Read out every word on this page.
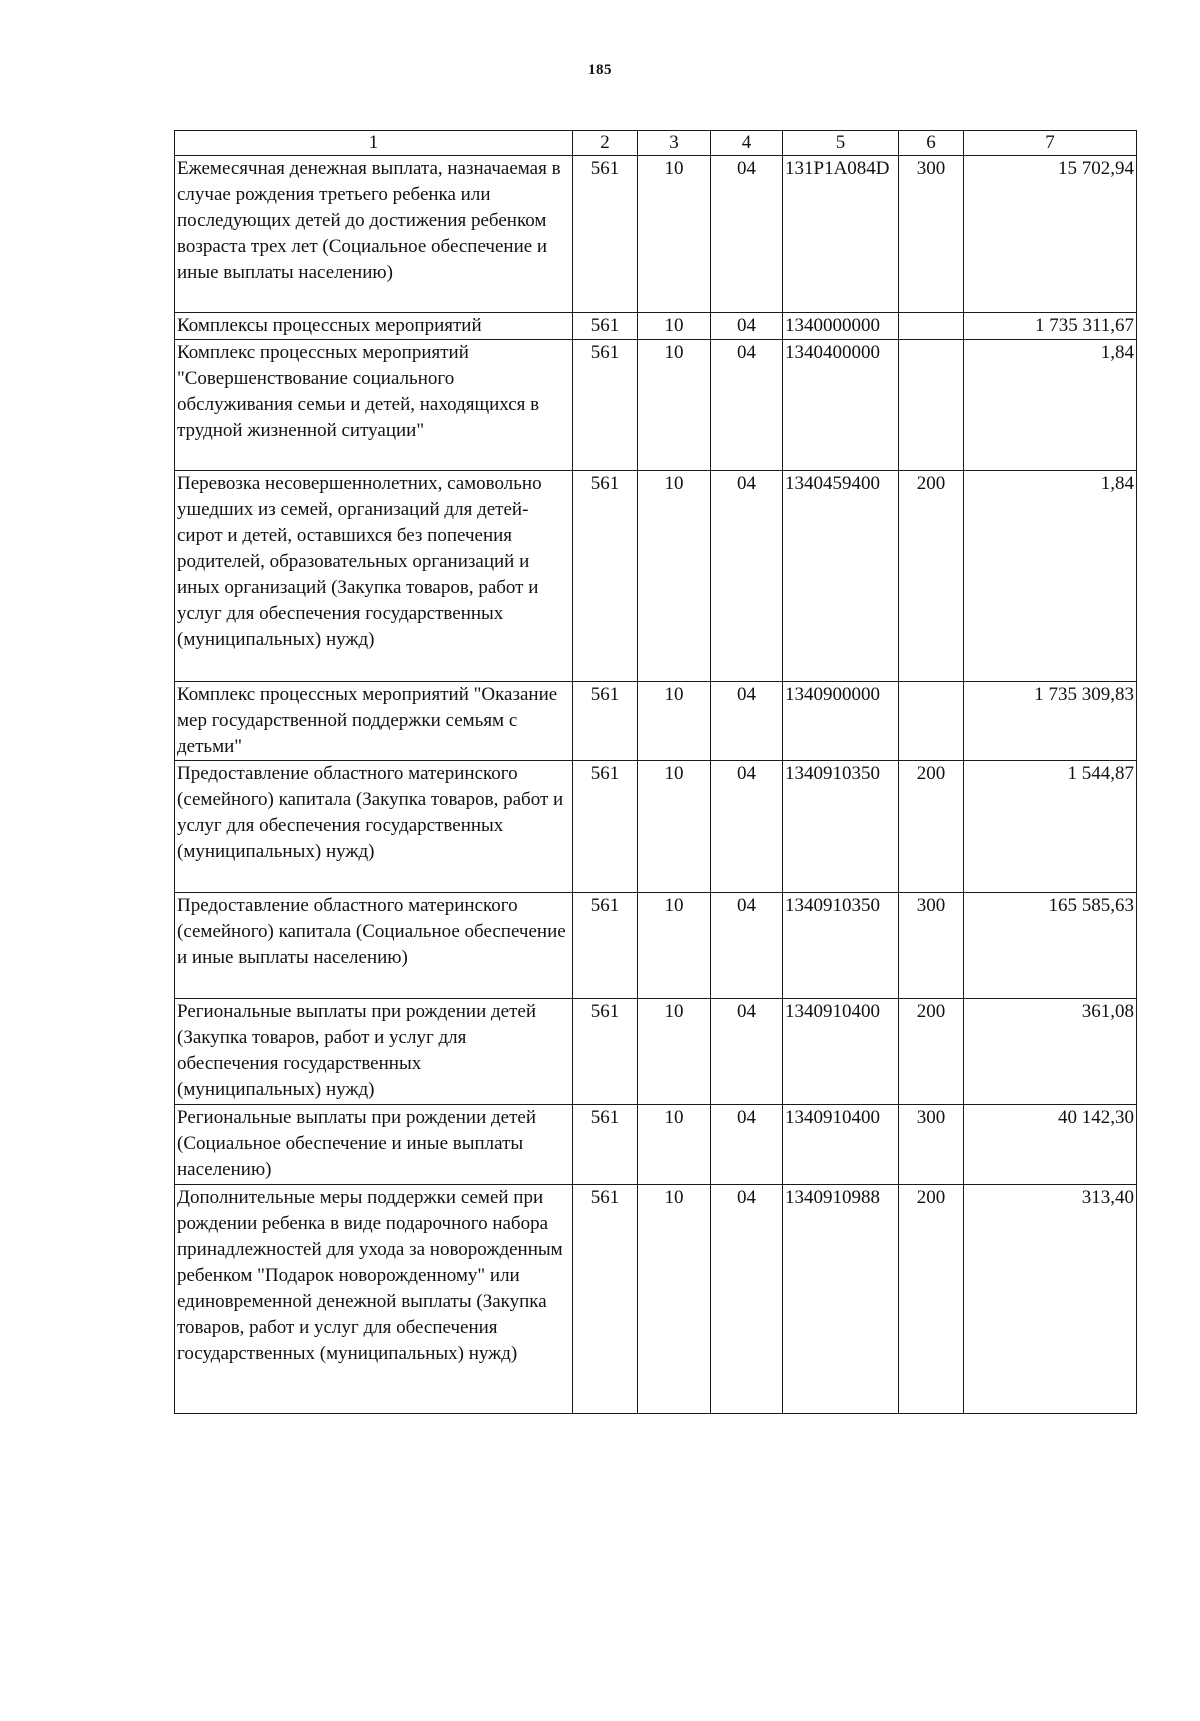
185
1	2	3	4	5	6	7
Ежемесячная денежная выплата, назначаемая в случае рождения третьего ребенка или последующих детей до достижения ребенком возраста трех лет (Социальное обеспечение и иные выплаты населению)	561	10	04	131P1A084D	300	15 702,94
Комплексы процессных мероприятий	561	10	04	1340000000		1 735 311,67
Комплекс процессных мероприятий "Совершенствование социального обслуживания семьи и детей, находящихся в трудной жизненной ситуации"	561	10	04	1340400000		1,84
Перевозка несовершеннолетних, самовольно ушедших из семей, организаций для детей-сирот и детей, оставшихся без попечения родителей, образовательных организаций и иных организаций (Закупка товаров, работ и услуг для обеспечения государственных (муниципальных) нужд)	561	10	04	1340459400	200	1,84
Комплекс процессных мероприятий "Оказание мер государственной поддержки семьям с детьми"	561	10	04	1340900000		1 735 309,83
Предоставление областного материнского (семейного) капитала (Закупка товаров, работ и услуг для обеспечения государственных (муниципальных) нужд)	561	10	04	1340910350	200	1 544,87
Предоставление областного материнского (семейного) капитала (Социальное обеспечение и иные выплаты населению)	561	10	04	1340910350	300	165 585,63
Региональные выплаты при рождении детей (Закупка товаров, работ и услуг для обеспечения государственных (муниципальных) нужд)	561	10	04	1340910400	200	361,08
Региональные выплаты при рождении детей (Социальное обеспечение и иные выплаты населению)	561	10	04	1340910400	300	40 142,30
Дополнительные меры поддержки семей при рождении ребенка в виде подарочного набора принадлежностей для ухода за новорожденным ребенком "Подарок новорожденному" или единовременной денежной выплаты (Закупка товаров, работ и услуг для обеспечения государственных (муниципальных) нужд)	561	10	04	1340910988	200	313,40
